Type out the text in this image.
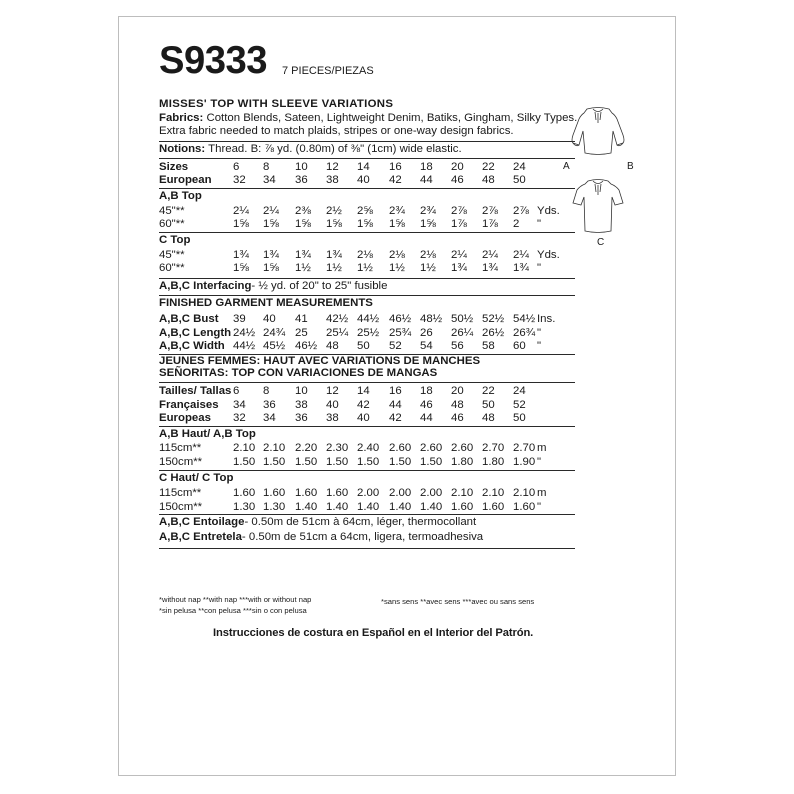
S9333 7 PIECES/PIEZAS
MISSES' TOP WITH SLEEVE VARIATIONS
Fabrics: Cotton Blends, Sateen, Lightweight Denim, Batiks, Gingham, Silky Types.
Extra fabric needed to match plaids, stripes or one-way design fabrics.
Notions: Thread. B: ⅞ yd. (0.80m) of ⅜" (1cm) wide elastic.
Sizes	6 8 10 12 14 16 18 20 22 24
European 32 34 36 38 40 42 44 46 48 50
A,B Top
45"**	2¼ 2¼ 2⅜ 2½ 2⅝ 2¾ 2¾ 2⅞ 2⅞ 2⅞ Yds.
60"**	1⅝ 1⅝ 1⅝ 1⅝ 1⅝ 1⅝ 1⅝ 1⅞ 1⅞ 2 "
C Top
45"**	1¾ 1¾ 1¾ 1¾ 2⅛ 2⅛ 2⅛ 2¼ 2¼ 2¼ Yds.
60"**	1⅝ 1⅝ 1½ 1½ 1½ 1½ 1½ 1¾ 1¾ 1¾ "
A,B,C Interfacing- ½ yd. of 20" to 25" fusible
FINISHED GARMENT MEASUREMENTS
A,B,C Bust 39 40 41 42½ 44½ 46½ 48½ 50½ 52½ 54½ Ins.
A,B,C Length 24½ 24¾ 25 25¼ 25½ 25¾ 26 26¼ 26½ 26¾ "
A,B,C Width 44½ 45½ 46½ 48 50 52 54 56 58 60 "
JEUNES FEMMES: HAUT AVEC VARIATIONS DE MANCHES
SEÑORITAS: TOP CON VARIACIONES DE MANGAS
Tailles/ Tallas 6 8 10 12 14 16 18 20 22 24
Françaises 34 36 38 40 42 44 46 48 50 52
Europeas 32 34 36 38 40 42 44 46 48 50
A,B Haut/ A,B Top
115cm**	2.10 2.10 2.20 2.30 2.40 2.60 2.60 2.60 2.70 2.70 m
150cm**	1.50 1.50 1.50 1.50 1.50 1.50 1.50 1.80 1.80 1.90 "
C Haut/ C Top
115cm**	1.60 1.60 1.60 1.60 2.00 2.00 2.00 2.10 2.10 2.10 m
150cm**	1.30 1.30 1.40 1.40 1.40 1.40 1.40 1.60 1.60 1.60 "
A,B,C Entoilage- 0.50m de 51cm à 64cm, léger, thermocollant
A,B,C Entretela- 0.50m de 51cm a 64cm, ligera, termoadhesiva
*without nap **with nap ***with or without nap
*sin pelusa **con pelusa ***sin o con pelusa
*sans sens **avec sens ***avec ou sans sens
Instrucciones de costura en Español en el Interior del Patrón.
A	B
C
